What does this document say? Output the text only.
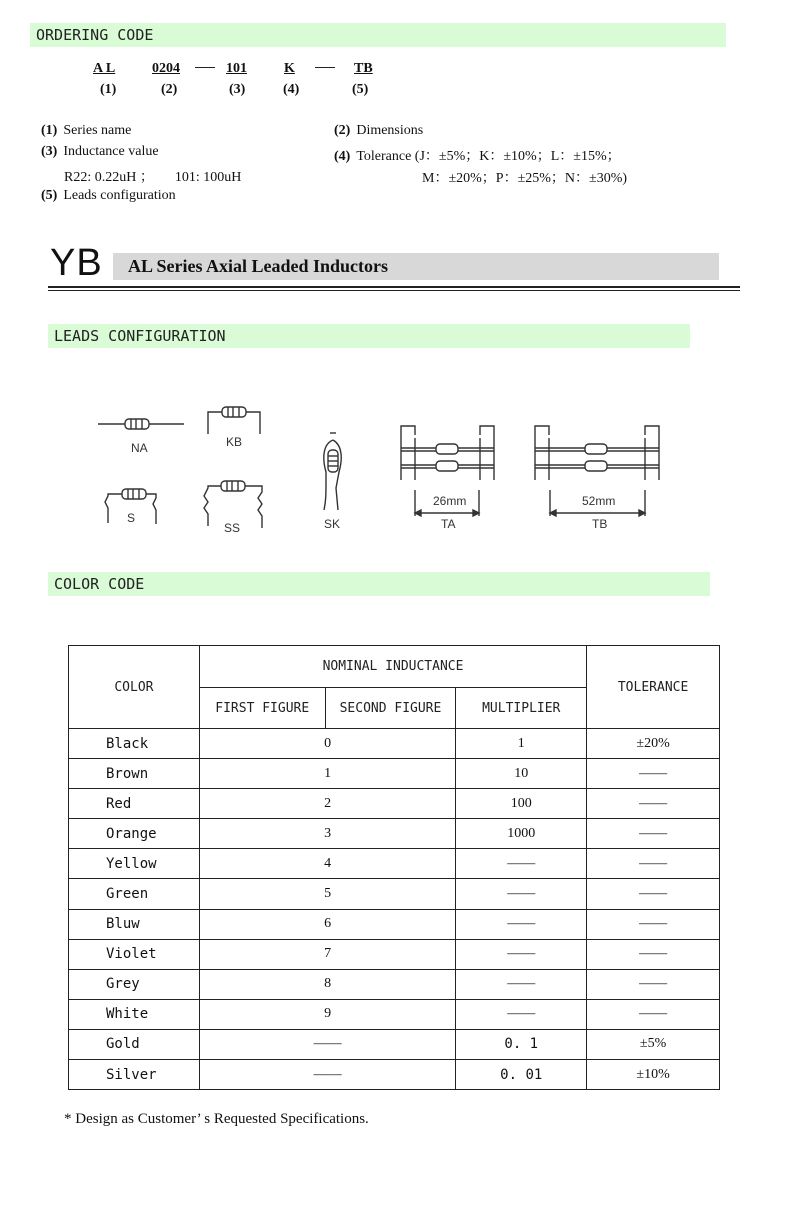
ORDERING CODE
A L	0204	101	K	TB
(1)	(2)	(3)	(4)	(5)
(1) Series name	(2) Dimensions
(3) Inductance value	(4) Tolerance (J：±5%；K：±10%；L：±15%；
R22: 0.22uH ；      101: 100uH	M：±20%；P：±25%；N：±30%)
(5) Leads configuration
YB AL Series Axial Leaded Inductors
LEADS CONFIGURATION
NA	KB
S
SS	SK
26mm
TA
52mm
TB
COLOR CODE
COLOR	NOMINAL INDUCTANCE			TOLERANCE
	FIRST FIGURE	SECOND FIGURE	MULTIPLIER	
Black	0		1	±20%
Brown	1		10	——
Red	2		100	——
Orange	3		1000	——
Yellow	4		——	——
Green	5		——	——
Bluw	6		——	——
Violet	7		——	——
Grey	8		——	——
White	9		——	——
Gold	——		0. 1	±5%
Silver	——		0. 01	±10%
* Design as Customer’ s Requested Specifications.
